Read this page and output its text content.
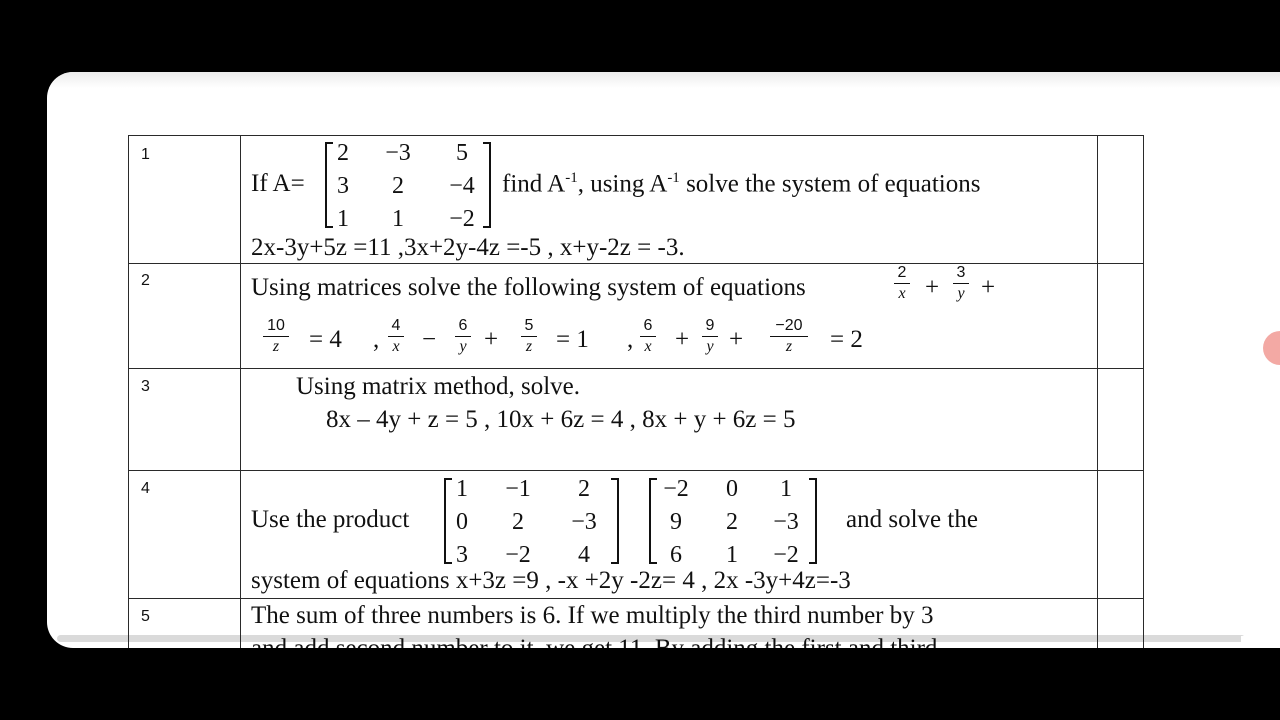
1
If A=
2	−3	5
3	2	−4
1	1	−2
find $A^{-1}$, using $A^{-1}$ solve the system of equations
2x-3y+5z =11 ,3x+2y-4z =-5 , x+y-2z = -3.
2	Using matrices solve the following system of equations
2
x +
3
y +
10
z	= 4 ,
4
x −
6
y +
5
z = 1 ,
6
x +
9
y +
−20
z	= 2
3	Using matrix method, solve.
8x – 4y + z = 5 , 10x + 6z = 4 , 8x + y + 6z = 5
4
Use the product
1	−1	2
0	2	−3
3	−2	4
−2	0	1
9	2	−3
6	1	−2
and solve the
system of equations x+3z =9 , -x +2y -2z= 4 , 2x -3y+4z=-3
5	The sum of three numbers is 6. If we multiply the third number by 3
